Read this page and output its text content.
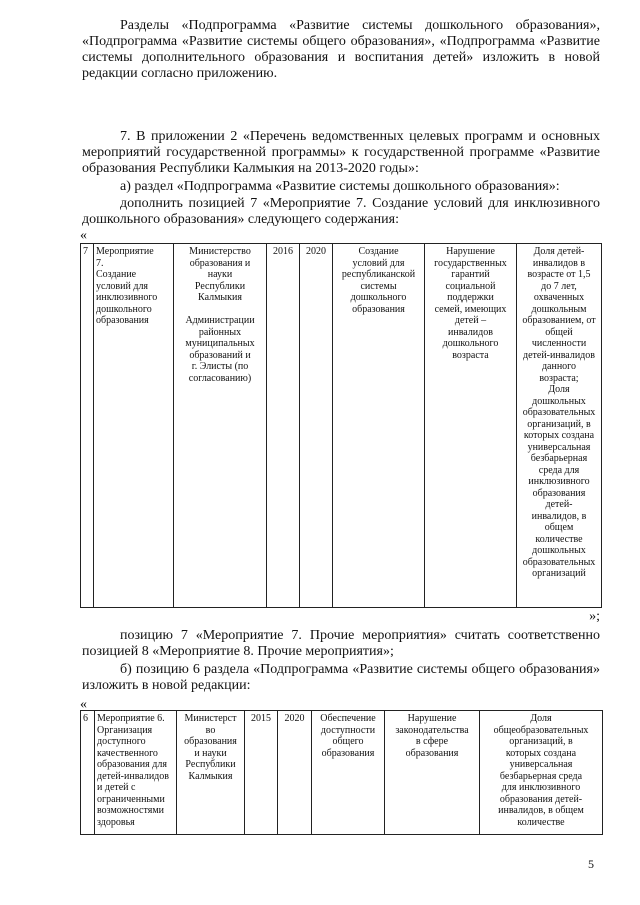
Разделы «Подпрограмма «Развитие системы дошкольного образования», «Подпрограмма «Развитие системы общего образования», «Подпрограмма «Развитие системы дополнительного образования и воспитания детей» изложить в новой редакции согласно приложению.
7. В приложении 2 «Перечень ведомственных целевых программ и основных мероприятий государственной программы» к государственной программе «Развитие образования Республики Калмыкия на 2013-2020 годы»:
а) раздел «Подпрограмма «Развитие системы дошкольного образования»:
дополнить позицией 7 «Мероприятие 7. Создание условий для инклюзивного дошкольного образования» следующего содержания:
«
7	Мероприятие
7.
Создание
условий для
инклюзивного
дошкольного
образования	Министерство
образования и
науки
Республики
Калмыкия

Администрации
районных
муниципальных
образований и
г. Элисты (по
согласованию)	2016	2020	Создание
условий для
республиканской
системы
дошкольного
образования	Нарушение
государственных
гарантий
социальной
поддержки
семей, имеющих
детей –
инвалидов
дошкольного
возраста	Доля детей-
инвалидов в
возрасте от 1,5
до 7 лет,
охваченных
дошкольным
образованием, от
общей
численности
детей-инвалидов
данного
возраста;
Доля
дошкольных
образовательных
организаций, в
которых создана
универсальная
безбарьерная
среда для
инклюзивного
образования
детей-
инвалидов, в
общем
количестве
дошкольных
образовательных
организаций
»;
позицию 7 «Мероприятие 7. Прочие мероприятия» считать соответственно позицией 8 «Мероприятие 8. Прочие мероприятия»;
б) позицию 6 раздела «Подпрограмма «Развитие системы общего образования» изложить в новой редакции:
«
6	Мероприятие 6.
Организация
доступного
качественного
образования для
детей-инвалидов
и детей с
ограниченными
возможностями
здоровья	Министерст
во
образования
и науки
Республики
Калмыкия	2015	2020	Обеспечение
доступности
общего
образования	Нарушение
законодательства
в сфере
образования	Доля
общеобразовательных
организаций, в
которых создана
универсальная
безбарьерная среда
для инклюзивного
образования детей-
инвалидов, в общем
количестве
5
